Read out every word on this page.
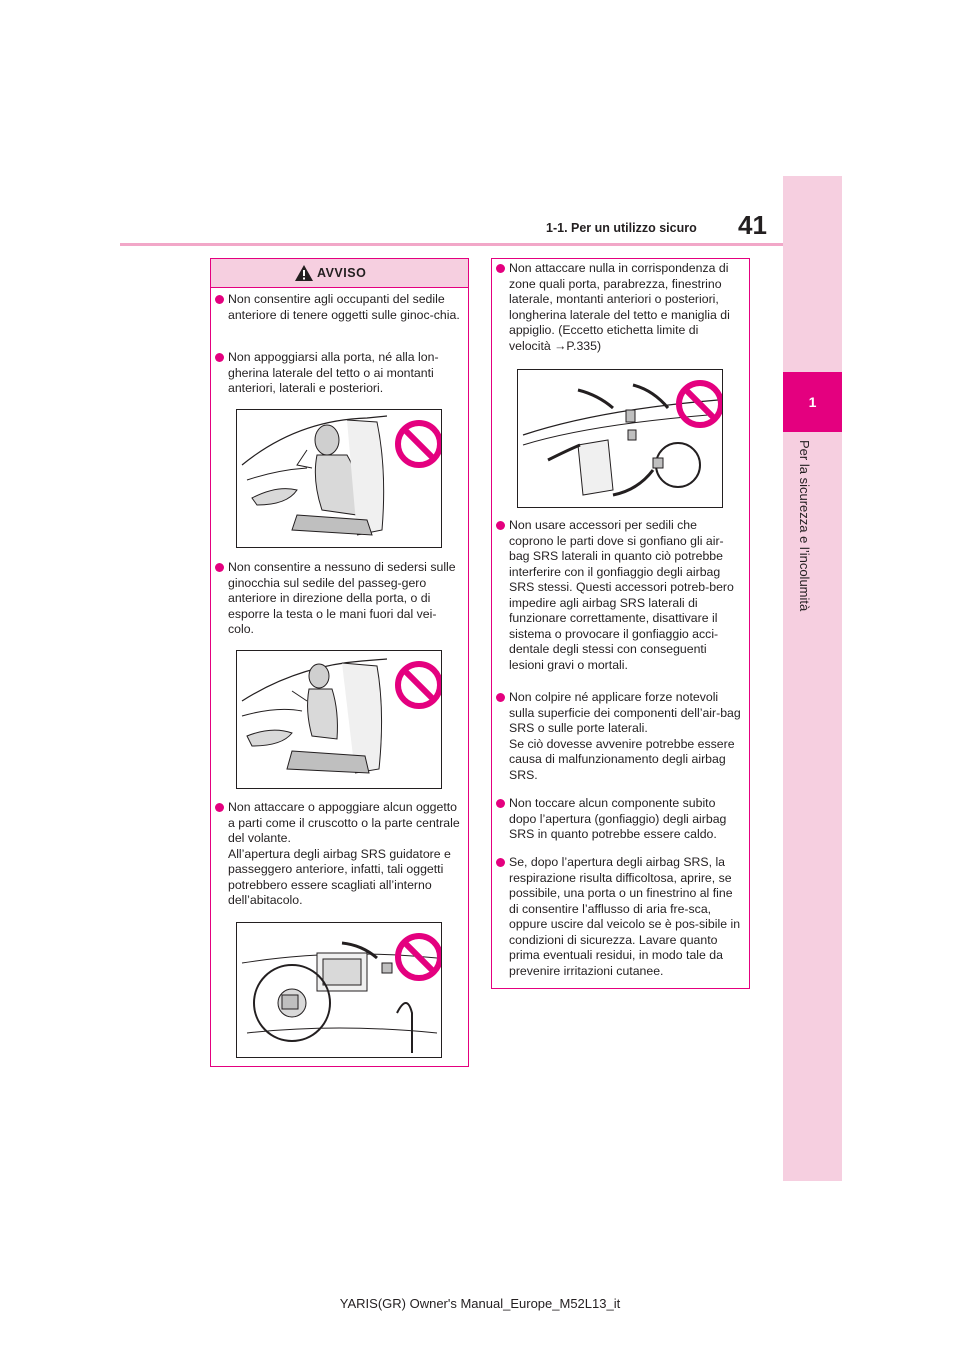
41
1-1. Per un utilizzo sicuro
1
Per la sicurezza e l’incolumità
AVVISO

Non consentire agli occupanti del sedile anteriore di tenere oggetti sulle ginoc-chia.

Non appoggiarsi alla porta, né alla lon-gherina laterale del tetto o ai montanti anteriori, laterali e posteriori.

Non consentire a nessuno di sedersi sulle ginocchia sul sedile del passeg-gero anteriore in direzione della porta, o di esporre la testa o le mani fuori dal vei-colo.

Non attaccare o appoggiare alcun oggetto a parti come il cruscotto o la parte centrale del volante.

All’apertura degli airbag SRS guidatore e passeggero anteriore, infatti, tali oggetti potrebbero essere scagliati all’interno dell’abitacolo.

Non attaccare nulla in corrispondenza di zone quali porta, parabrezza, finestrino laterale, montanti anteriori o posteriori, longherina laterale del tetto e maniglia di appiglio. (Eccetto etichetta limite di velocità →P.335)

Non usare accessori per sedili che coprono le parti dove si gonfiano gli air-bag SRS laterali in quanto ciò potrebbe interferire con il gonfiaggio degli airbag SRS stessi. Questi accessori potreb-bero impedire agli airbag SRS laterali di funzionare correttamente, disattivare il sistema o provocare il gonfiaggio acci-dentale degli stessi con conseguenti lesioni gravi o mortali.

Non colpire né applicare forze notevoli sulla superficie dei componenti dell’air-bag SRS o sulle porte laterali.

Se ciò dovesse avvenire potrebbe essere causa di malfunzionamento degli airbag SRS.

Non toccare alcun componente subito dopo l’apertura (gonfiaggio) degli airbag SRS in quanto potrebbe essere caldo.

Se, dopo l’apertura degli airbag SRS, la respirazione risulta difficoltosa, aprire, se possibile, una porta o un finestrino al fine di consentire l’afflusso di aria fre-sca, oppure uscire dal veicolo se è pos-sibile in condizioni di sicurezza. Lavare quanto prima eventuali residui, in modo tale da prevenire irritazioni cutanee.

YARIS(GR) Owner's Manual_Europe_M52L13_it
